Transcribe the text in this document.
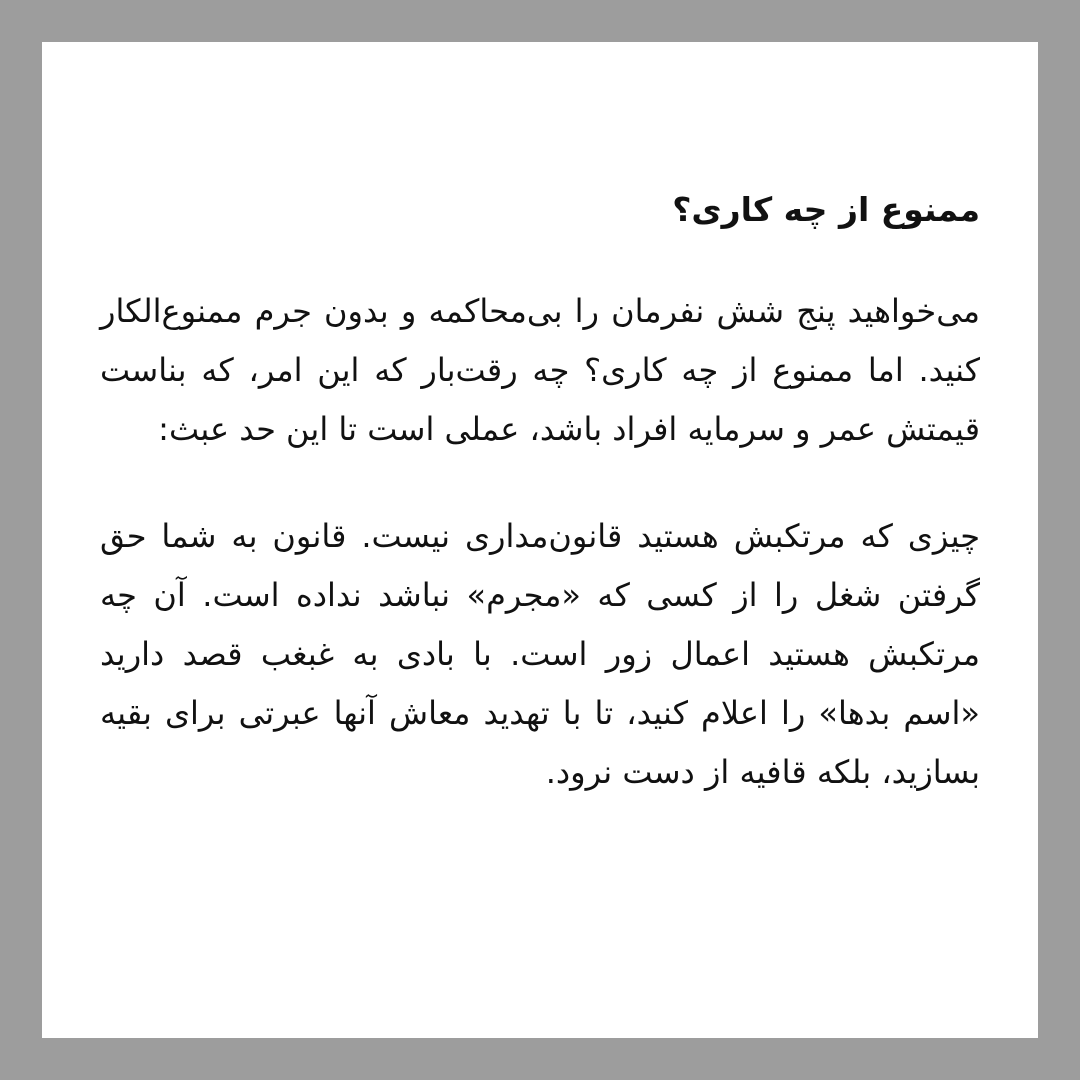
ممنوع از چه کاری؟

می‌خواهید پنج شش نفرمان را بی‌محاکمه و بدون جرم ممنوع‌الکار کنید. اما ممنوع از چه کاری؟ چه رقت‌بار که این امر، که بناست قیمتش عمر و سرمایه افراد باشد، عملی است تا این حد عبث:

چیزی که مرتکبش هستید قانون‌مداری نیست. قانون به شما حق گرفتن شغل را از کسی که «مجرم» نباشد نداده است. آن چه مرتکبش هستید اعمال زور است. با بادی به غبغب قصد دارید «اسم بدها» را اعلام کنید، تا با تهدید معاش آنها عبرتی برای بقیه بسازید، بلکه قافیه از دست نرود.
